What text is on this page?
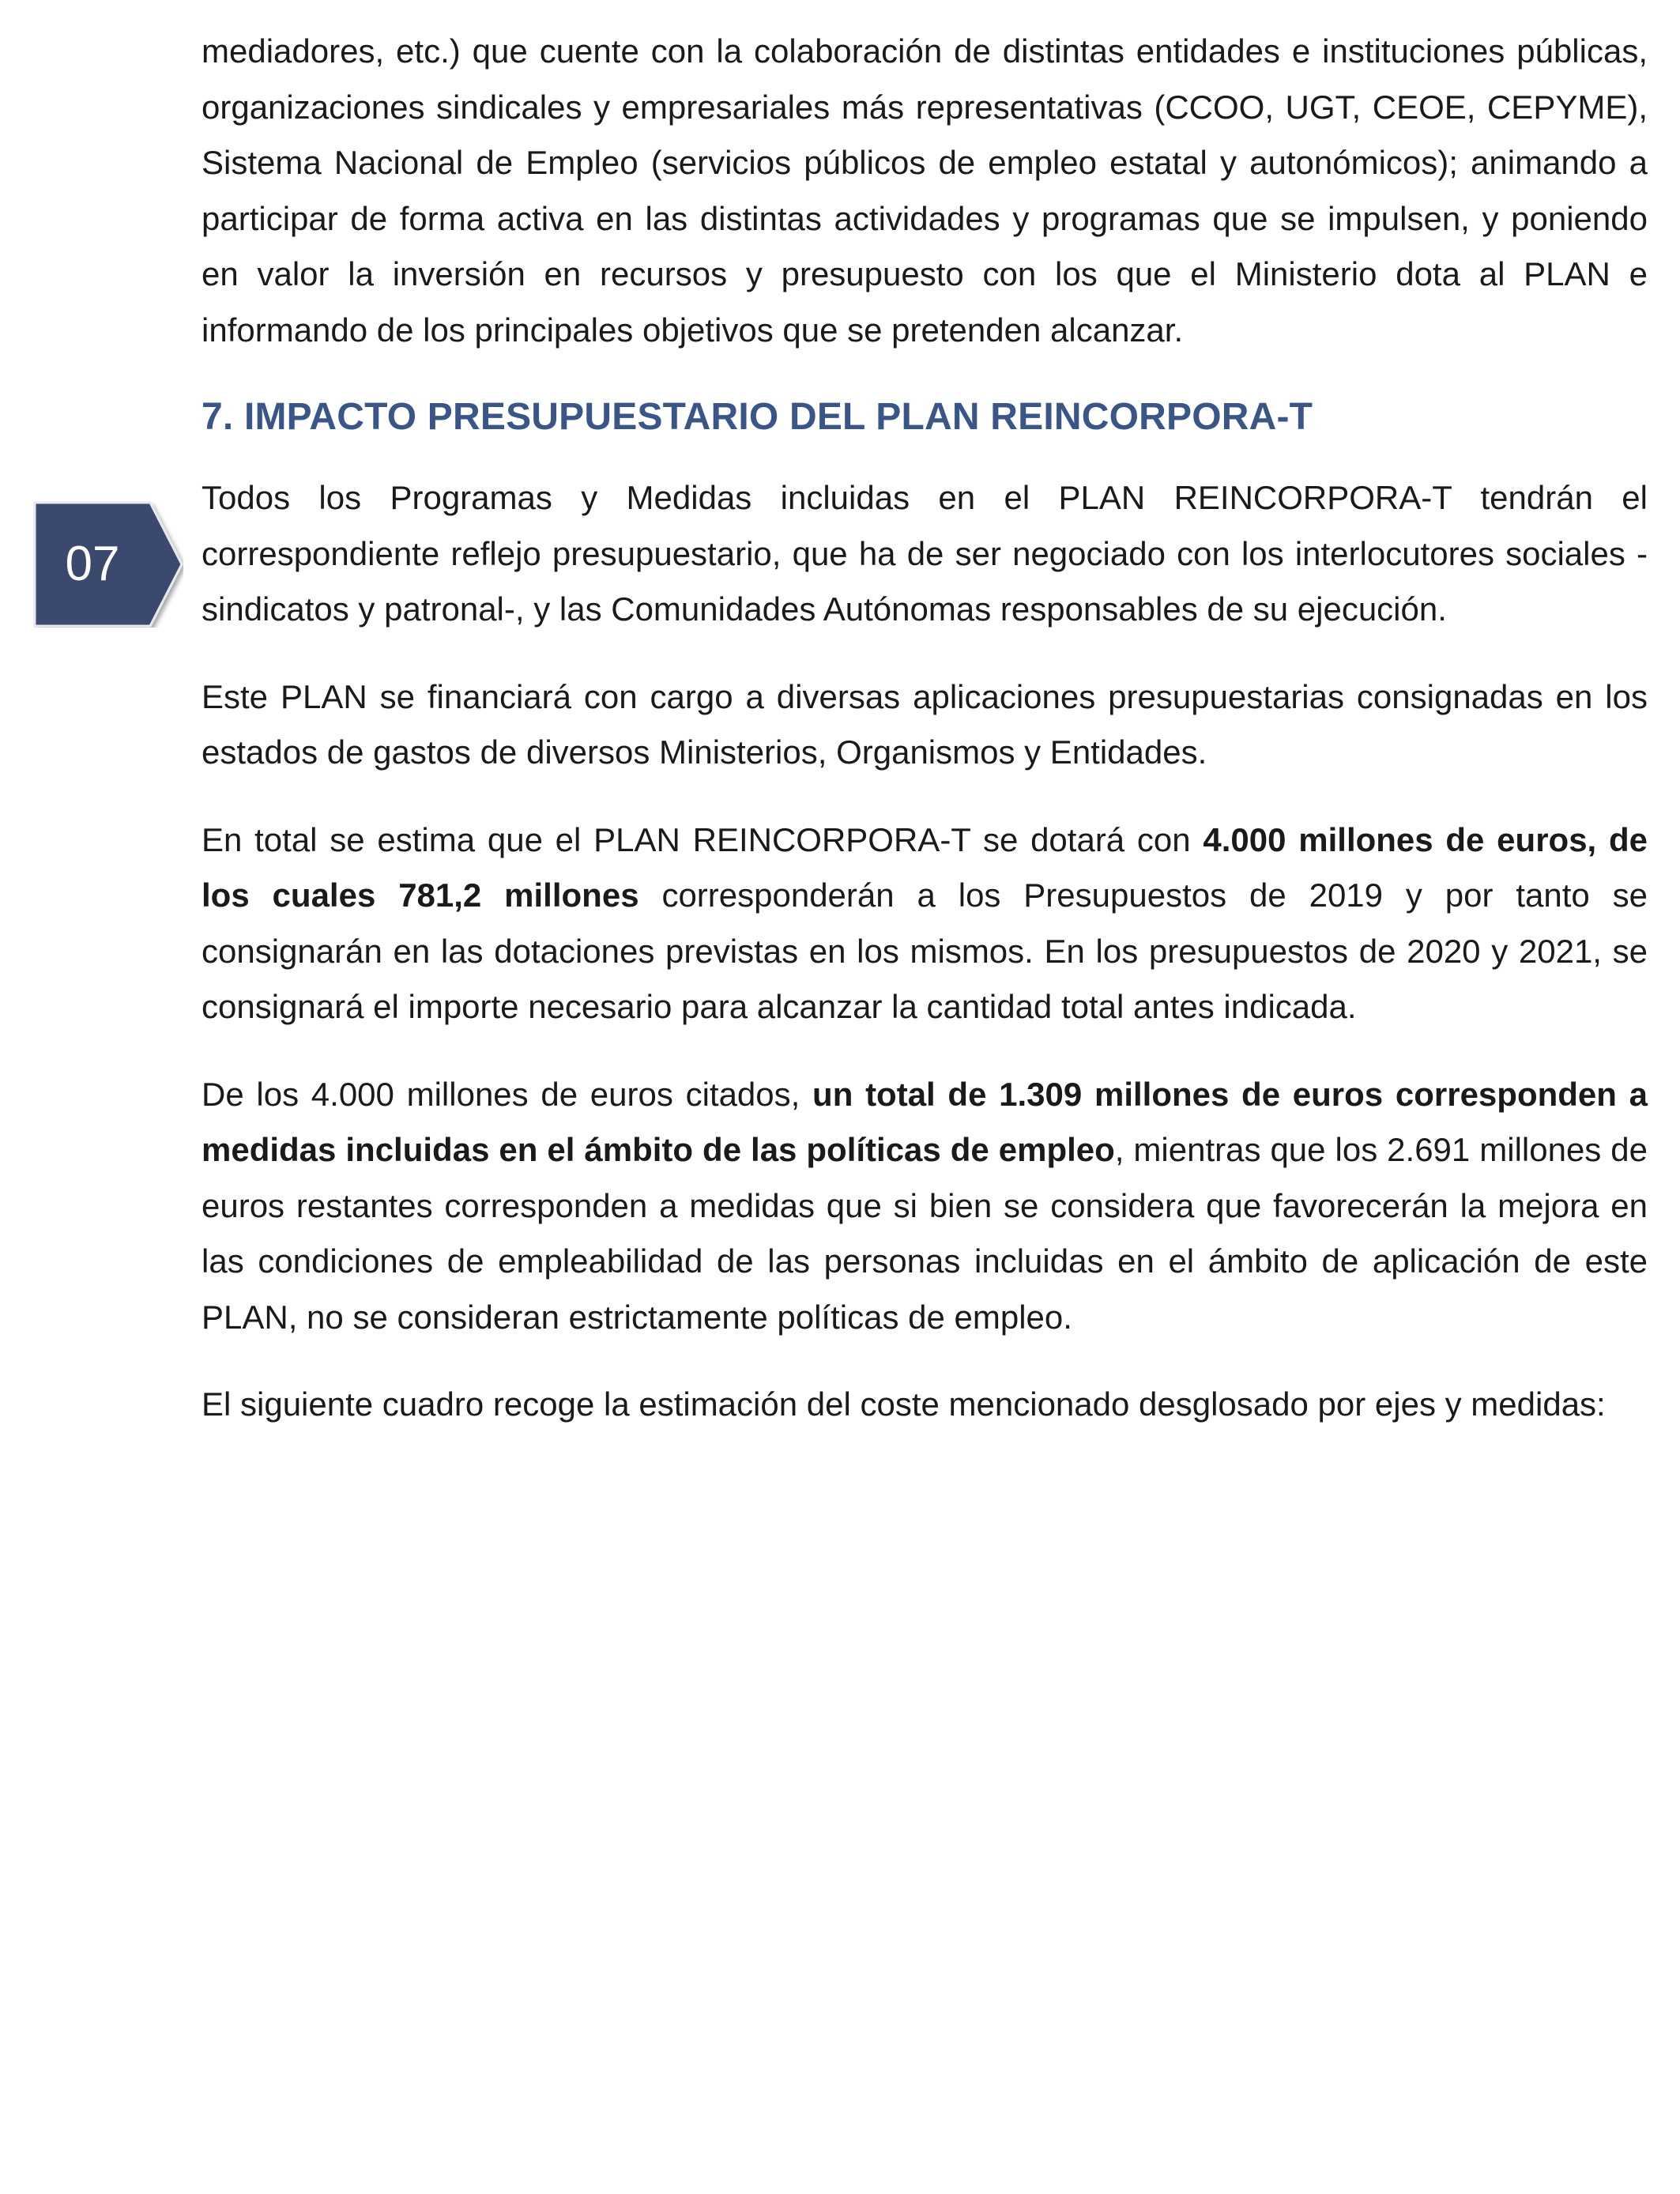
07

mediadores, etc.) que cuente con la colaboración de distintas entidades e instituciones públicas, organizaciones sindicales y empresariales más representativas (CCOO, UGT, CEOE, CEPYME), Sistema Nacional de Empleo (servicios públicos de empleo estatal y autonómicos); animando a participar de forma activa en las distintas actividades y programas que se impulsen, y poniendo en valor la inversión en recursos y presupuesto con los que el Ministerio dota al PLAN e informando de los principales objetivos que se pretenden alcanzar.

7. IMPACTO PRESUPUESTARIO DEL PLAN REINCORPORA-T

Todos los Programas y Medidas incluidas en el PLAN REINCORPORA-T tendrán el correspondiente reflejo presupuestario, que ha de ser negociado con los interlocutores sociales -sindicatos y patronal-, y las Comunidades Autónomas responsables de su ejecución.

Este PLAN se financiará con cargo a diversas aplicaciones presupuestarias consignadas en los estados de gastos de diversos Ministerios, Organismos y Entidades.

En total se estima que el PLAN REINCORPORA-T se dotará con 4.000 millones de euros, de los cuales 781,2 millones corresponderán a los Presupuestos de 2019 y por tanto se consignarán en las dotaciones previstas en los mismos. En los presupuestos de 2020 y 2021, se consignará el importe necesario para alcanzar la cantidad total antes indicada.

De los 4.000 millones de euros citados, un total de 1.309 millones de euros corresponden a medidas incluidas en el ámbito de las políticas de empleo, mientras que los 2.691 millones de euros restantes corresponden a medidas que si bien se considera que favorecerán la mejora en las condiciones de empleabilidad de las personas incluidas en el ámbito de aplicación de este PLAN, no se consideran estrictamente políticas de empleo.

El siguiente cuadro recoge la estimación del coste mencionado desglosado por ejes y medidas:
